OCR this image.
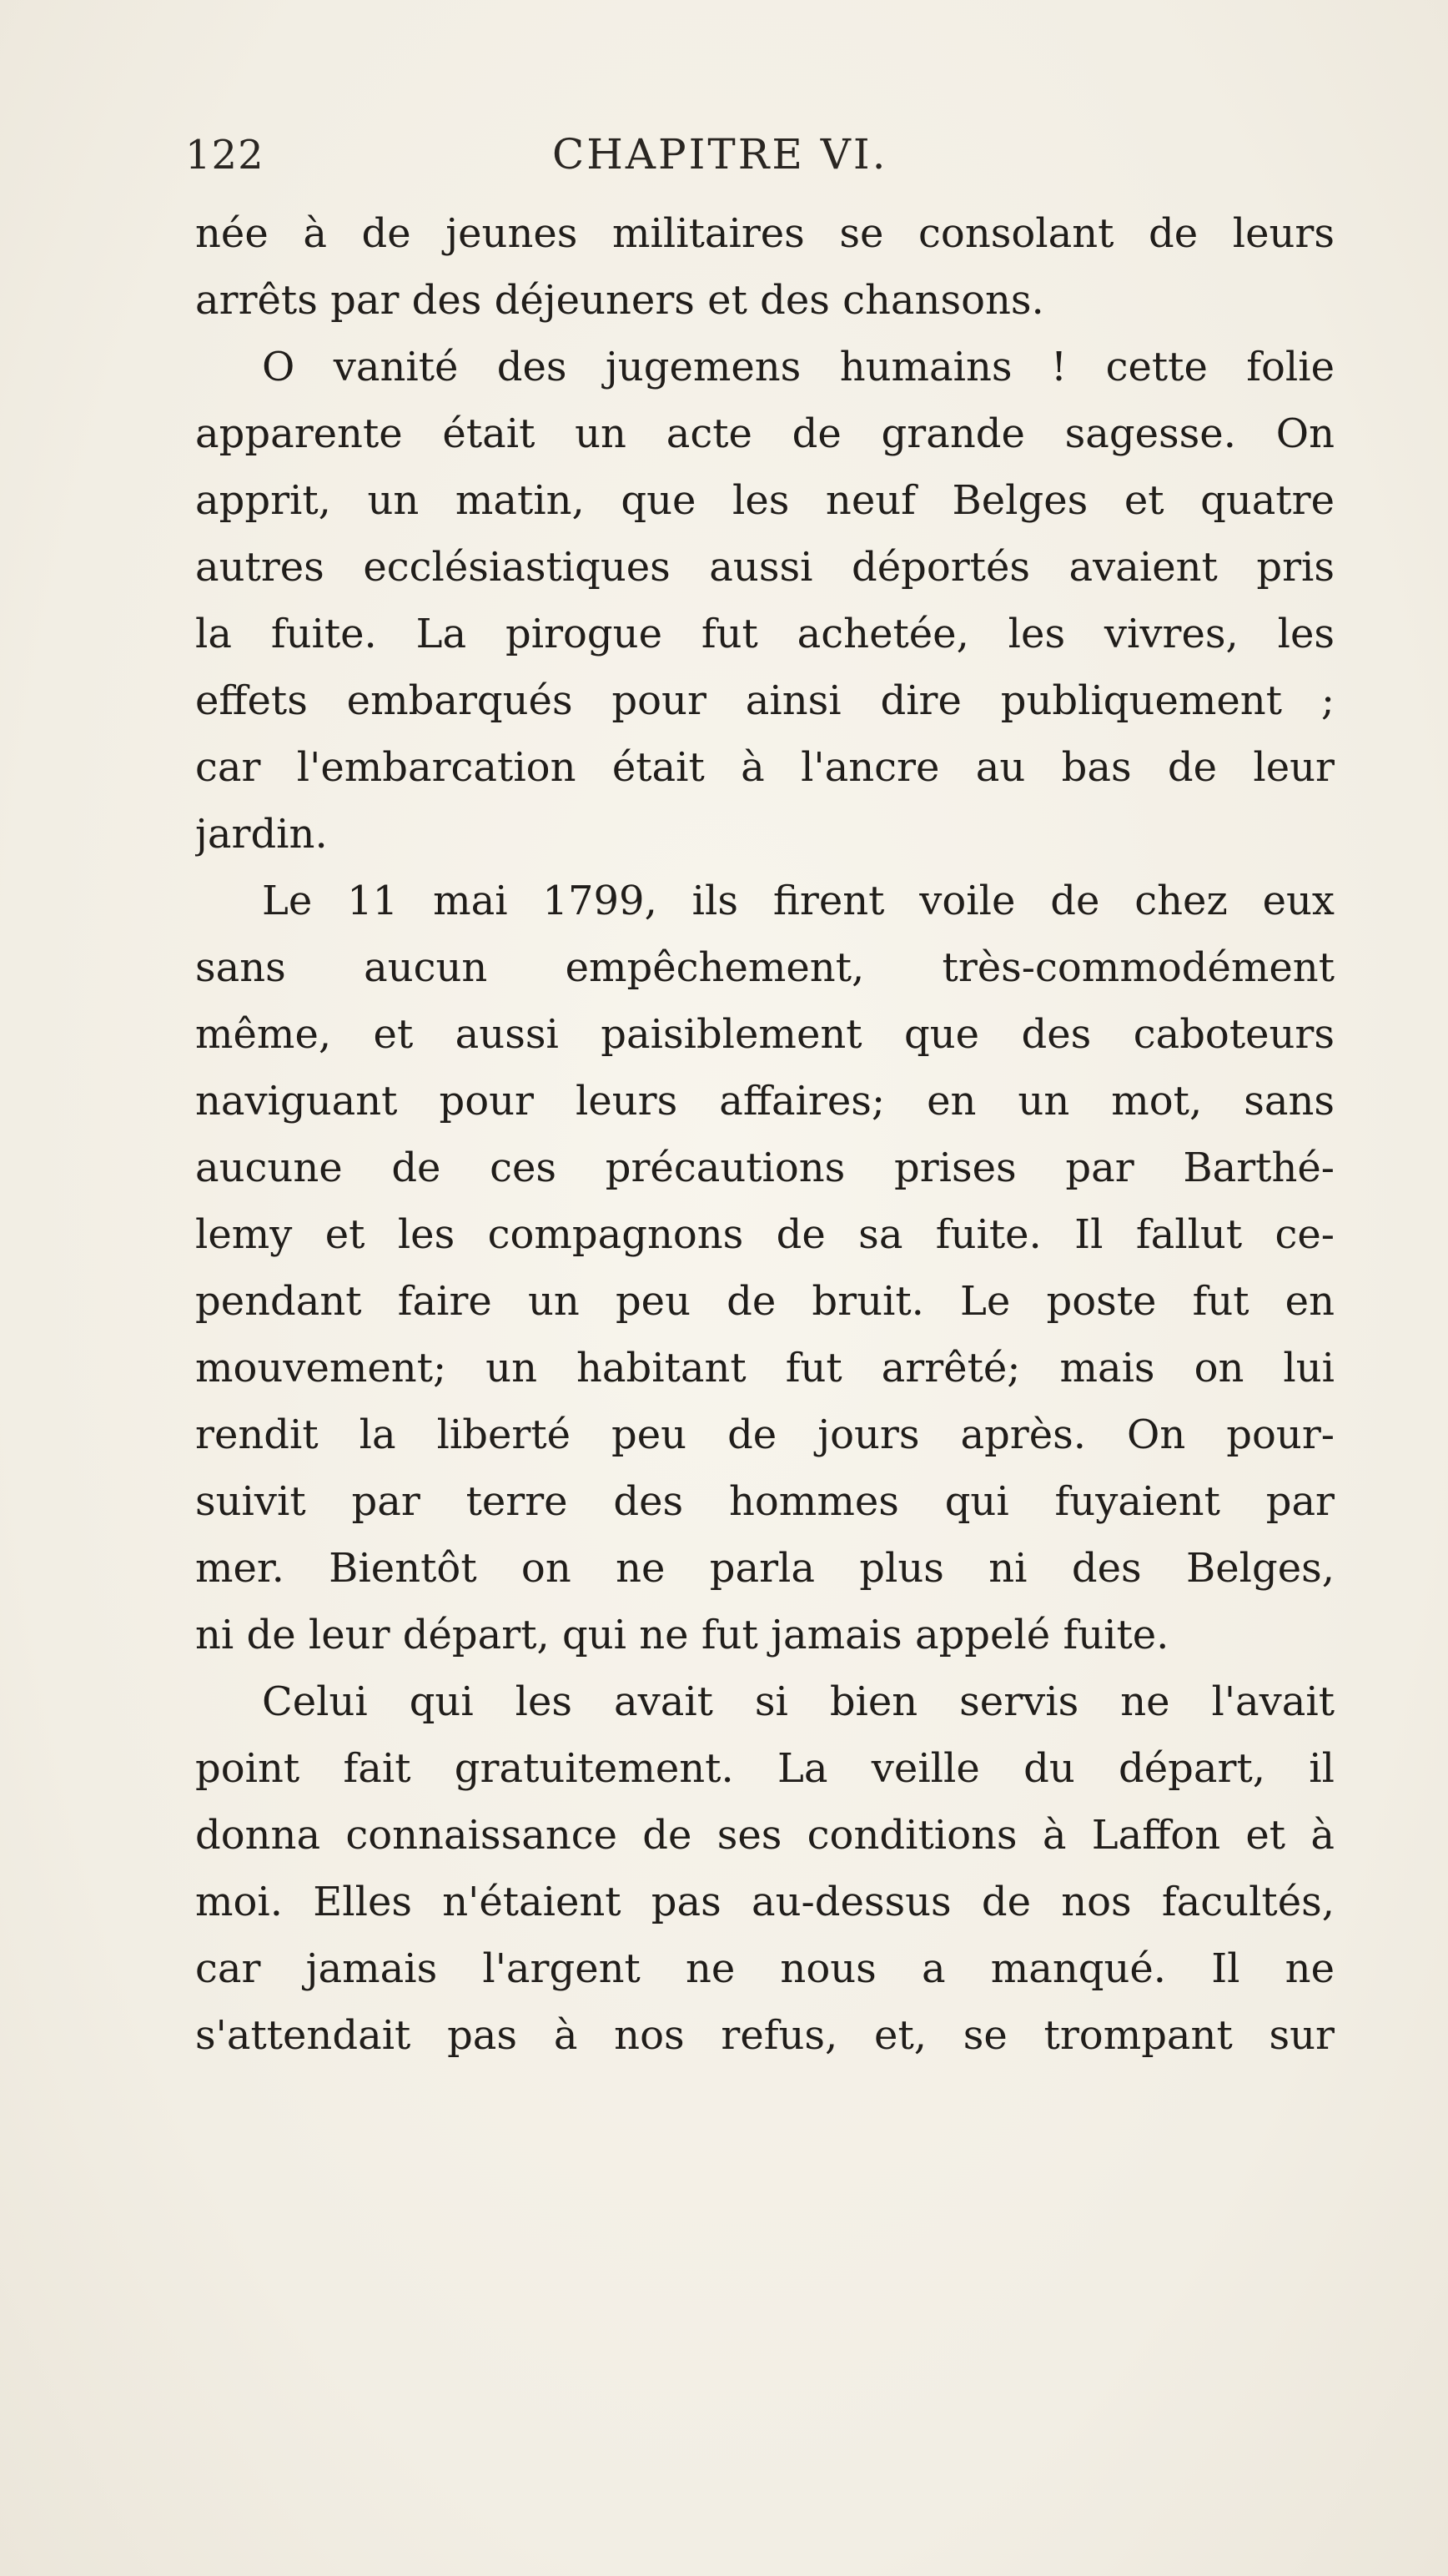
122	CHAPITRE VI.
née à de jeunes militaires se consolant de leurs
arrêts par des déjeuners et des chansons.
O vanité des jugemens humains ! cette folie
apparente était un acte de grande sagesse. On
apprit, un matin, que les neuf Belges et quatre
autres ecclésiastiques aussi déportés avaient pris
la fuite. La pirogue fut achetée, les vivres, les
effets embarqués pour ainsi dire publiquement ;
car l'embarcation était à l'ancre au bas de leur
jardin.
Le 11 mai 1799, ils firent voile de chez eux
sans aucun empêchement, très-commodément
même, et aussi paisiblement que des caboteurs
naviguant pour leurs affaires; en un mot, sans
aucune de ces précautions prises par Barthé-
lemy et les compagnons de sa fuite. Il fallut ce-
pendant faire un peu de bruit. Le poste fut en
mouvement; un habitant fut arrêté; mais on lui
rendit la liberté peu de jours après. On pour-
suivit par terre des hommes qui fuyaient par
mer. Bientôt on ne parla plus ni des Belges,
ni de leur départ, qui ne fut jamais appelé fuite.
Celui qui les avait si bien servis ne l'avait
point fait gratuitement. La veille du départ, il
donna connaissance de ses conditions à Laffon et à
moi. Elles n'étaient pas au-dessus de nos facultés,
car jamais l'argent ne nous a manqué. Il ne
s'attendait pas à nos refus, et, se trompant sur
